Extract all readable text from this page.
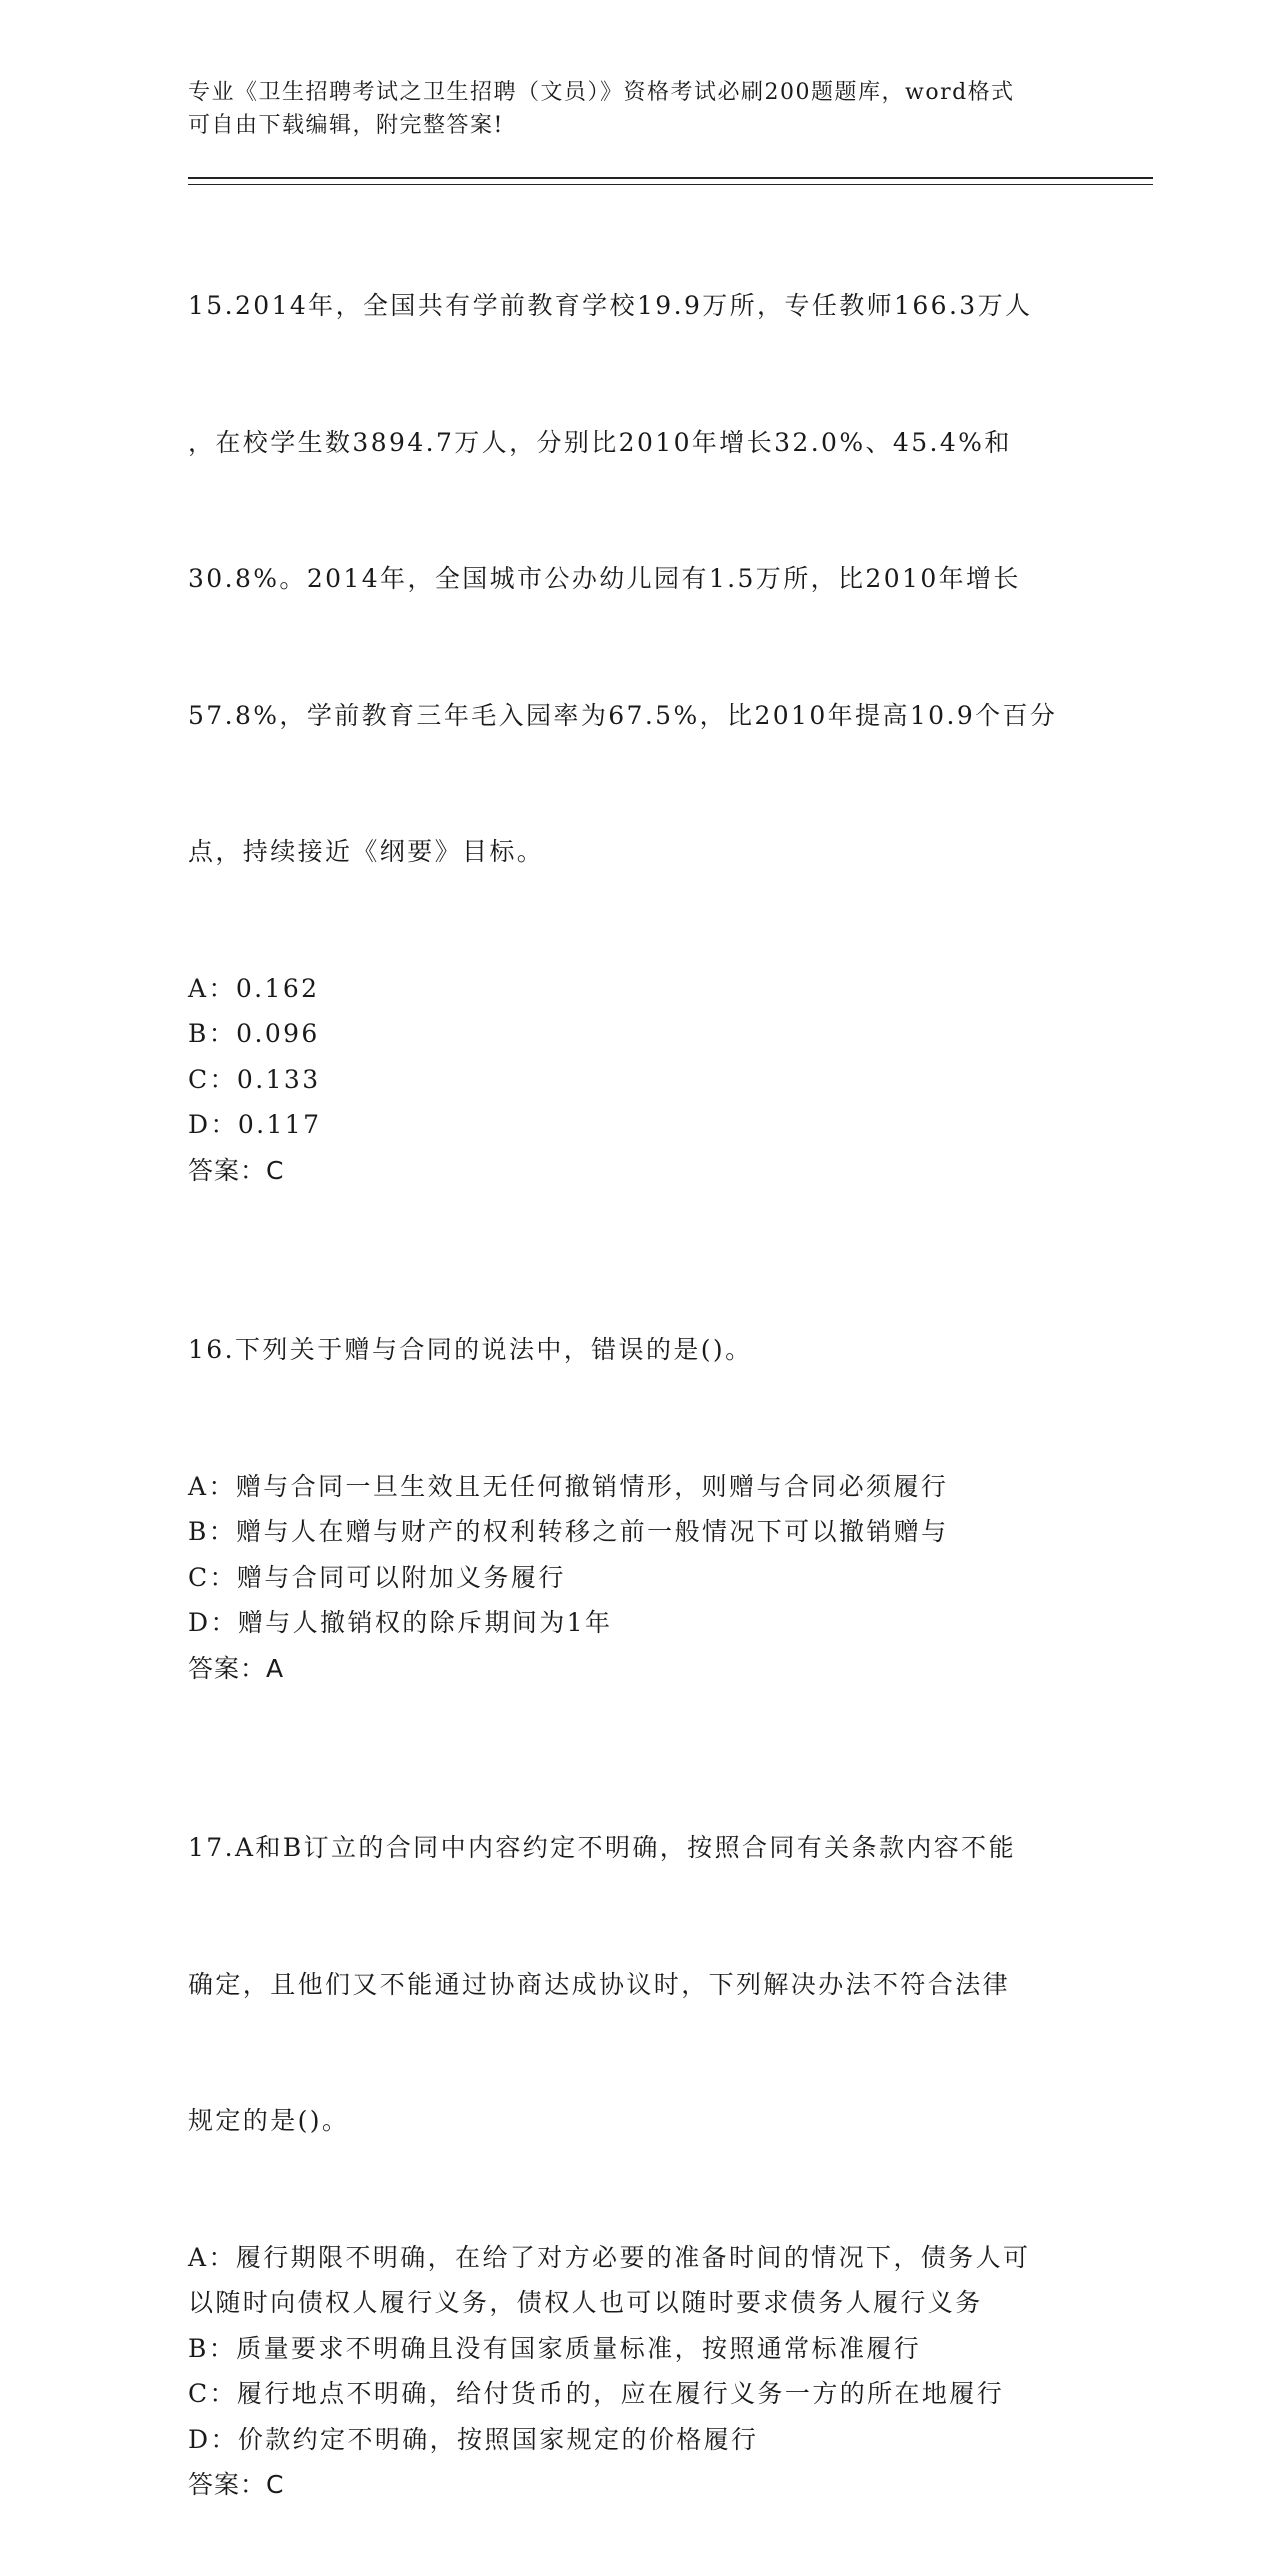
专业《卫生招聘考试之卫生招聘（文员）》资格考试必刷200题题库，word格式
可自由下载编辑，附完整答案!

15.2014年，全国共有学前教育学校19.9万所，专任教师166.3万人

，在校学生数3894.7万人，分别比2010年增长32.0%、45.4%和

30.8%。2014年，全国城市公办幼儿园有1.5万所，比2010年增长

57.8%，学前教育三年毛入园率为67.5%，比2010年提高10.9个百分

点，持续接近《纲要》目标。

A：0.162
B：0.096
C：0.133
D：0.117
答案：C

16.下列关于赠与合同的说法中，错误的是()。

A：赠与合同一旦生效且无任何撤销情形，则赠与合同必须履行
B：赠与人在赠与财产的权利转移之前一般情况下可以撤销赠与
C：赠与合同可以附加义务履行
D：赠与人撤销权的除斥期间为1年
答案：A

17.A和B订立的合同中内容约定不明确，按照合同有关条款内容不能

确定，且他们又不能通过协商达成协议时，下列解决办法不符合法律

规定的是()。

A：履行期限不明确，在给了对方必要的准备时间的情况下，债务人可
以随时向债权人履行义务，债权人也可以随时要求债务人履行义务
B：质量要求不明确且没有国家质量标准，按照通常标准履行
C：履行地点不明确，给付货币的，应在履行义务一方的所在地履行
D：价款约定不明确，按照国家规定的价格履行
答案：C
